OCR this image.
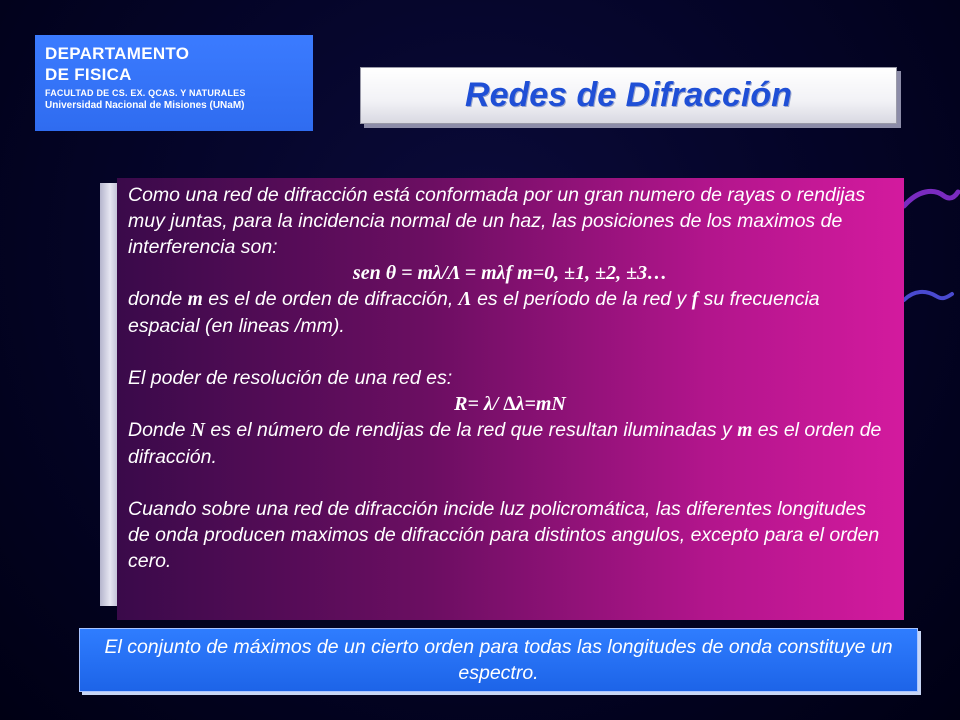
DEPARTAMENTO
DE FISICA
FACULTAD DE CS. EX. QCAS. Y NATURALES
Universidad Nacional de Misiones (UNaM)	Redes de Difracción

Como una red de difracción está conformada por un gran numero de rayas o rendijas muy juntas, para la incidencia normal de un haz, las posiciones de los maximos de interferencia son:

sen θ = mλ/Λ = mλf m=0, ±1, ±2, ±3…

donde m es el de orden de difracción, Λ es el período de la red y f su frecuencia espacial (en lineas /mm).

El poder de resolución de una red es:

R= λ/ ∆λ=mN

Donde N es el número de rendijas de la red que resultan iluminadas y m es el orden de difracción.

Cuando sobre una red de difracción incide luz policromática, las diferentes longitudes de onda producen maximos de difracción para distintos angulos, excepto para el orden cero.

El conjunto de máximos de un cierto orden para todas las longitudes de onda constituye un espectro.
